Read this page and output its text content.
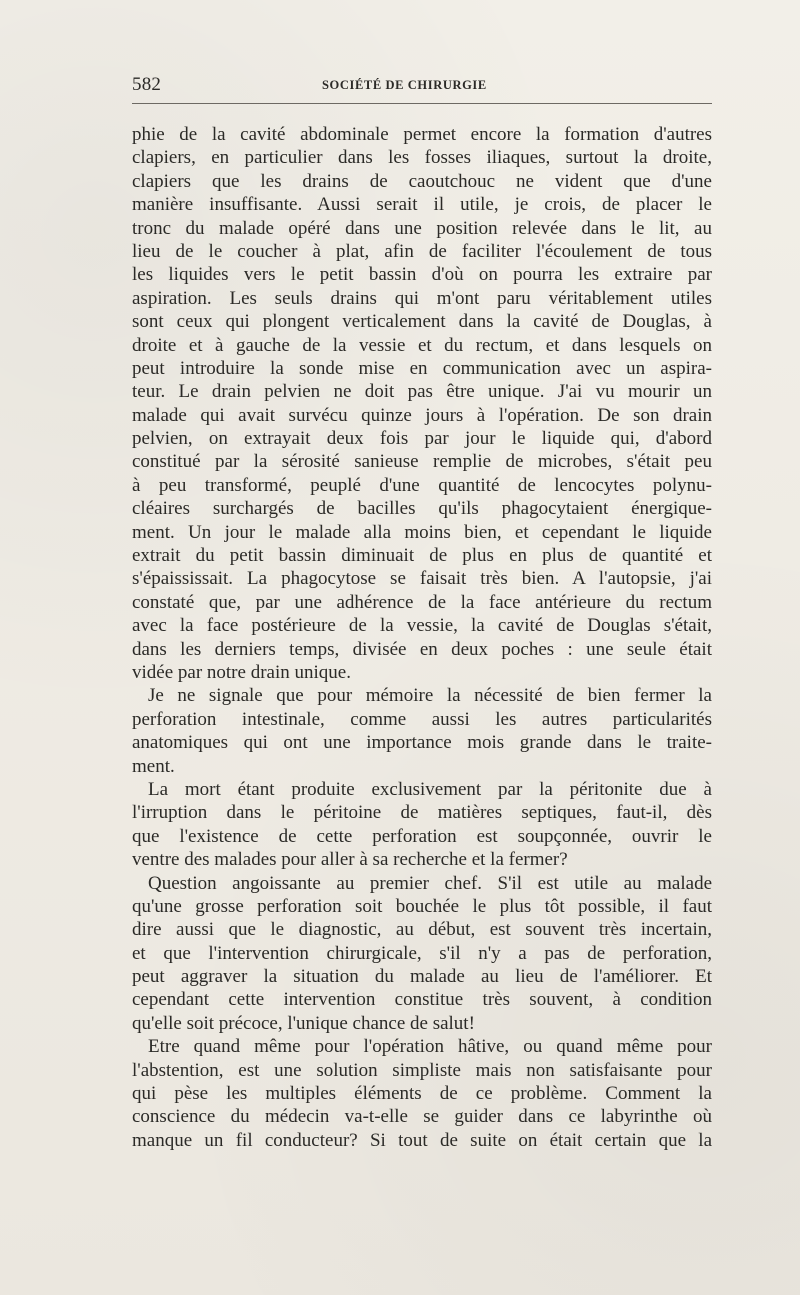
582	SOCIÉTÉ DE CHIRURGIE
phie de la cavité abdominale permet encore la formation d'autres
clapiers, en particulier dans les fosses iliaques, surtout la droite,
clapiers que les drains de caoutchouc ne vident que d'une
manière insuffisante. Aussi serait il utile, je crois, de placer le
tronc du malade opéré dans une position relevée dans le lit, au
lieu de le coucher à plat, afin de faciliter l'écoulement de tous
les liquides vers le petit bassin d'où on pourra les extraire par
aspiration. Les seuls drains qui m'ont paru véritablement utiles
sont ceux qui plongent verticalement dans la cavité de Douglas, à
droite et à gauche de la vessie et du rectum, et dans lesquels on
peut introduire la sonde mise en communication avec un aspira-
teur. Le drain pelvien ne doit pas être unique. J'ai vu mourir un
malade qui avait survécu quinze jours à l'opération. De son drain
pelvien, on extrayait deux fois par jour le liquide qui, d'abord
constitué par la sérosité sanieuse remplie de microbes, s'était peu
à peu transformé, peuplé d'une quantité de lencocytes polynu-
cléaires surchargés de bacilles qu'ils phagocytaient énergique-
ment. Un jour le malade alla moins bien, et cependant le liquide
extrait du petit bassin diminuait de plus en plus de quantité et
s'épaississait. La phagocytose se faisait très bien. A l'autopsie, j'ai
constaté que, par une adhérence de la face antérieure du rectum
avec la face postérieure de la vessie, la cavité de Douglas s'était,
dans les derniers temps, divisée en deux poches : une seule était
vidée par notre drain unique.
Je ne signale que pour mémoire la nécessité de bien fermer la
perforation intestinale, comme aussi les autres particularités
anatomiques qui ont une importance mois grande dans le traite-
ment.
La mort étant produite exclusivement par la péritonite due à
l'irruption dans le péritoine de matières septiques, faut-il, dès
que l'existence de cette perforation est soupçonnée, ouvrir le
ventre des malades pour aller à sa recherche et la fermer?
Question angoissante au premier chef. S'il est utile au malade
qu'une grosse perforation soit bouchée le plus tôt possible, il faut
dire aussi que le diagnostic, au début, est souvent très incertain,
et que l'intervention chirurgicale, s'il n'y a pas de perforation,
peut aggraver la situation du malade au lieu de l'améliorer. Et
cependant cette intervention constitue très souvent, à condition
qu'elle soit précoce, l'unique chance de salut!
Etre quand même pour l'opération hâtive, ou quand même pour
l'abstention, est une solution simpliste mais non satisfaisante pour
qui pèse les multiples éléments de ce problème. Comment la
conscience du médecin va-t-elle se guider dans ce labyrinthe où
manque un fil conducteur? Si tout de suite on était certain que la
